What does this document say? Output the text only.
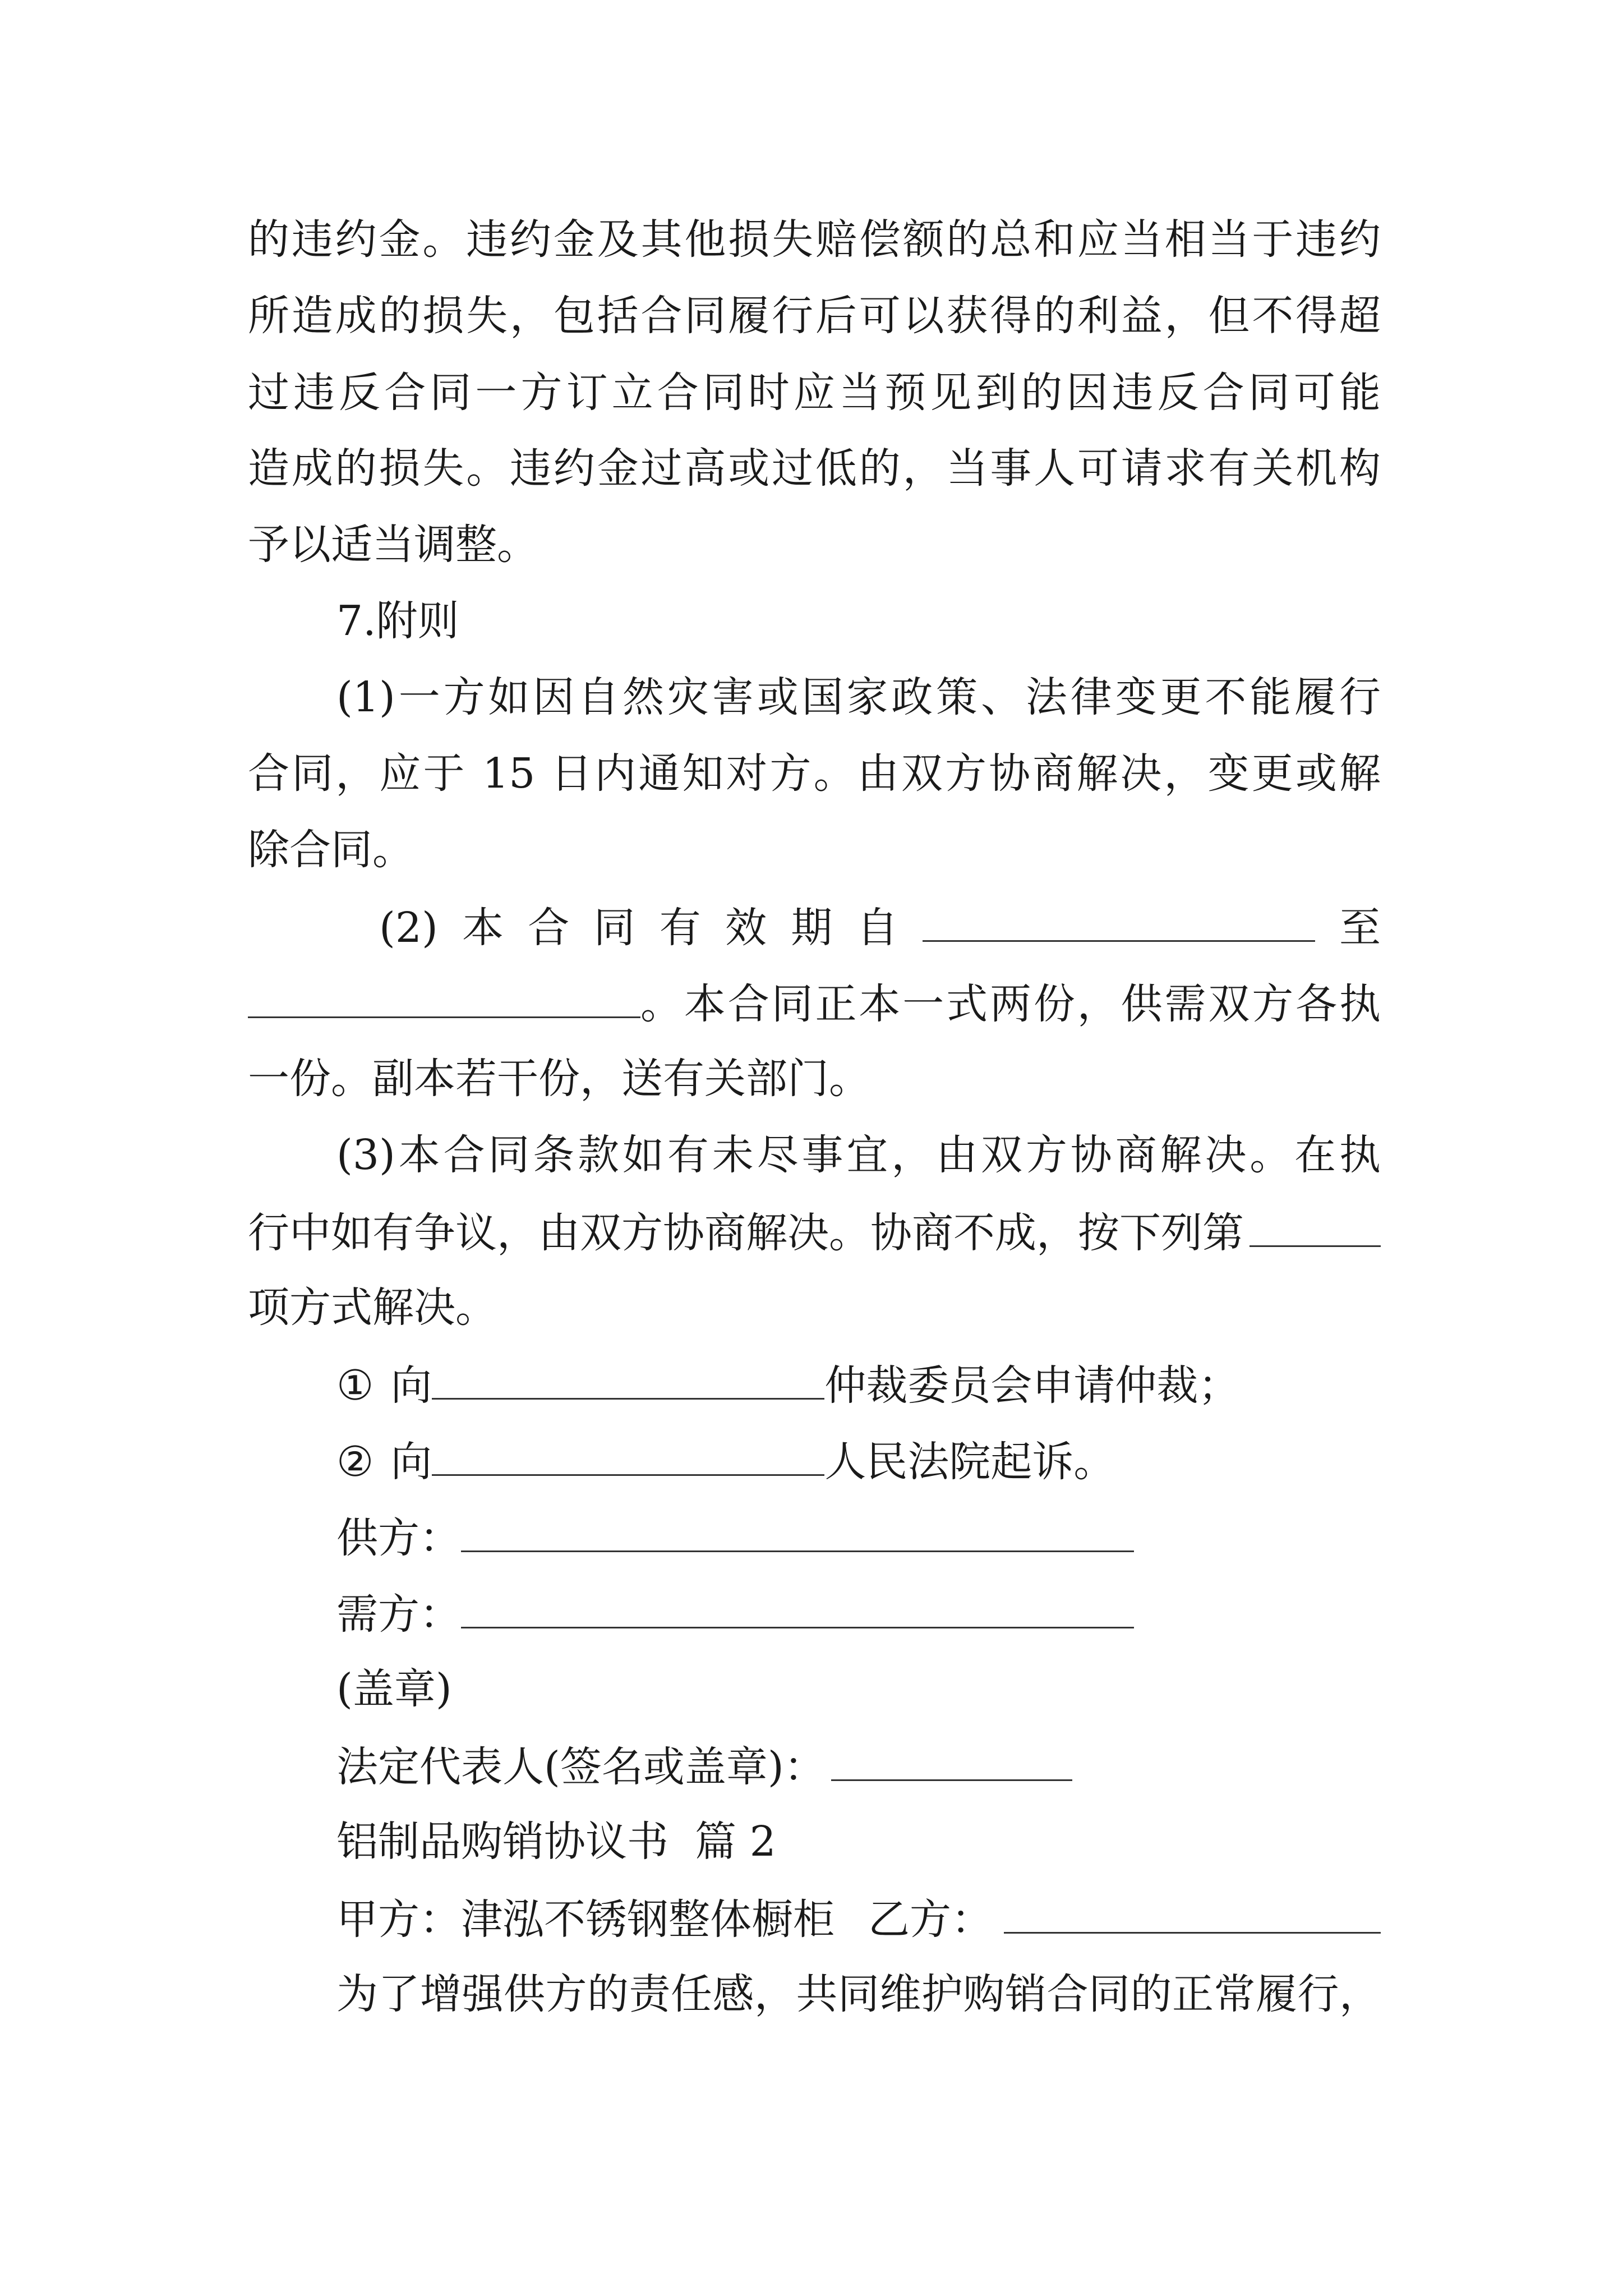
的违约金。违约金及其他损失赔偿额的总和应当相当于违约
所造成的损失，包括合同履行后可以获得的利益，但不得超
过违反合同一方订立合同时应当预见到的因违反合同可能
造成的损失。违约金过高或过低的，当事人可请求有关机构
予以适当调整。
7.附则
(1)一方如因自然灾害或国家政策、法律变更不能履行
合同，应于 15 日内通知对方。由双方协商解决，变更或解
除合同。
(2) 本 合 同 有 效 期 自	至
。本合同正本一式两份，供需双方各执
一份。副本若干份，送有关部门。
(3)本合同条款如有未尽事宜，由双方协商解决。在执
行中如有争议，由双方协商解决。协商不成，按下列第
项方式解决。
① 向	仲裁委员会申请仲裁；
② 向	人民法院起诉。
供方：
需方：
(盖章)
法定代表人(签名或盖章)：
铝制品购销协议书  篇 2
甲方： 津泓不锈钢整体橱柜 乙方：
为了增强供方的责任感，共同维护购销合同的正常履行，
